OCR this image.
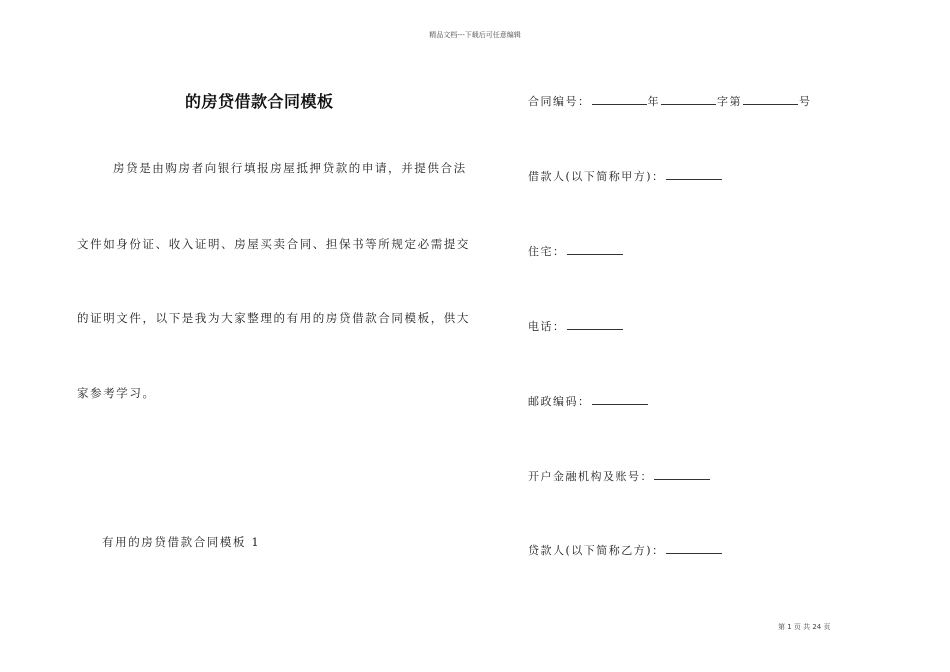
精品文档---下载后可任意编辑
的房贷借款合同模板
房贷是由购房者向银行填报房屋抵押贷款的申请，并提供合法
文件如身份证、收入证明、房屋买卖合同、担保书等所规定必需提交
的证明文件，以下是我为大家整理的有用的房贷借款合同模板，供大
家参考学习。
有用的房贷借款合同模板 1
合同编号：	年	字第	号
借款人(以下简称甲方)：
住宅：
电话：
邮政编码：
开户金融机构及账号：
贷款人(以下简称乙方)：
第 1 页 共 24 页
